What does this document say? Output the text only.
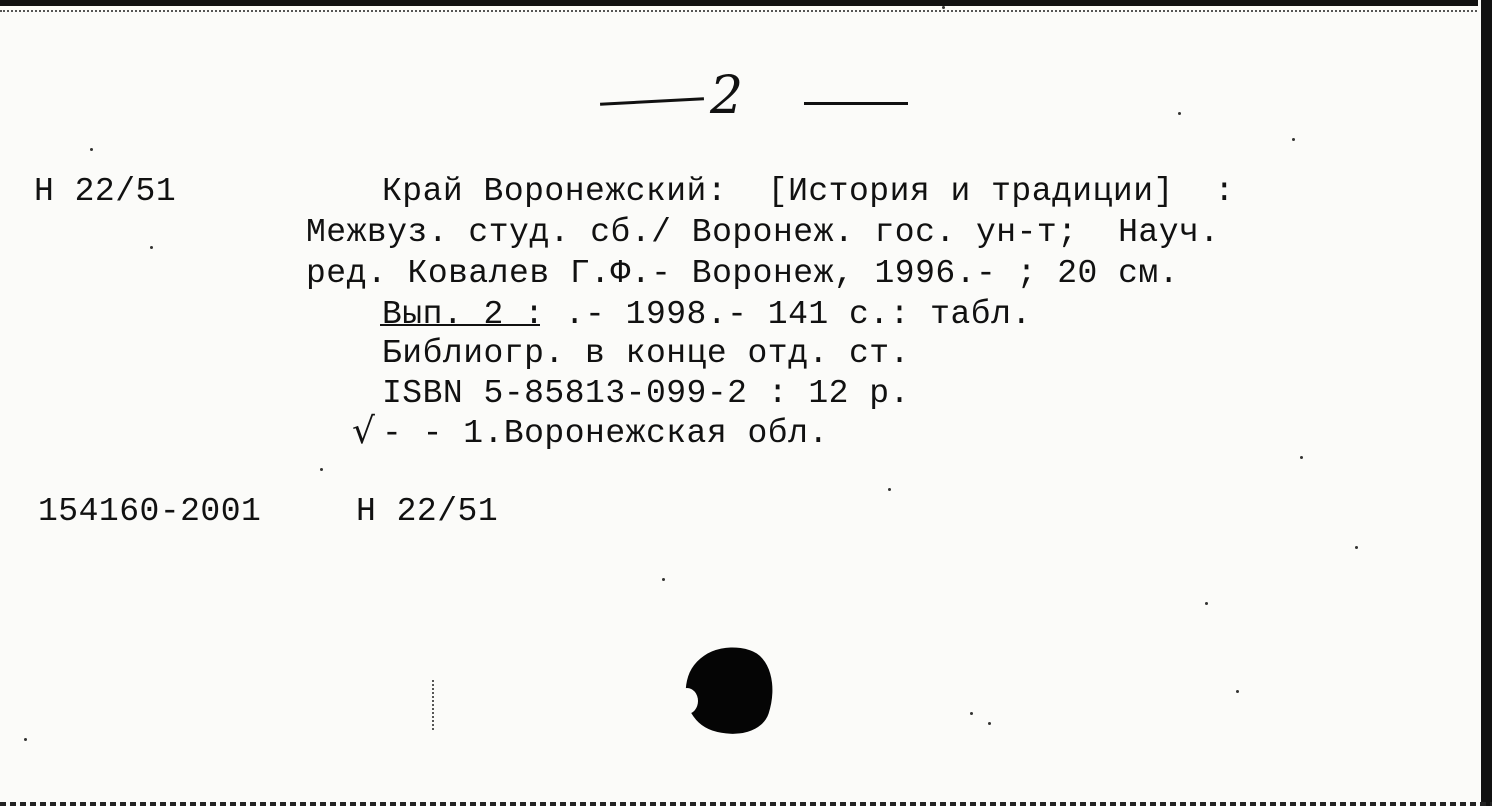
2
H 22/51	Край Воронежский:  [История и традиции]  :
Межвуз. студ. сб./ Воронеж. гос. ун-т;  Науч.
ред. Ковалев Г.Ф.- Воронеж, 1996.- ; 20 см.
Вып. 2 : .- 1998.- 141 с.: табл.
Библиогр. в конце отд. ст.
ISBN 5-85813-099-2 : 12 р.
√ - - 1.Воронежская обл.
154160-2001	H 22/51
